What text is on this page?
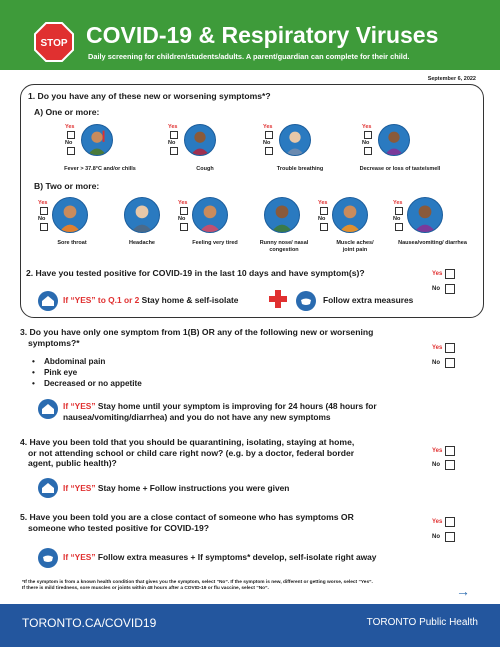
STOP COVID-19 & Respiratory Viruses
Daily screening for children/students/adults. A parent/guardian can complete for their child.
September 6, 2022
1. Do you have any of these new or worsening symptoms*?
A) One or more:
Yes
No
Fever > 37.8°C and/or chills
Yes
No
Cough
Yes
No
Trouble breathing
Yes
No
Decrease or loss of taste/smell
B) Two or more:
Yes
No
Sore throat	Headache
Yes
No
Feeling very tired	Runny nose/ nasal congestion
Yes
No
Muscle aches/ joint pain
Yes
No
Nausea/vomiting/ diarrhea
2. Have you tested positive for COVID-19 in the last 10 days and have symptom(s)?	Yes
No
If “YES” to Q.1 or 2 Stay home & self-isolate	Follow extra measures
3. Do you have only one symptom from 1(B) OR any of the following new or worsening
symptoms?*
Yes
No
•    Abdominal pain
•    Pink eye
•    Decreased or no appetite
If “YES” Stay home until your symptom is improving for 24 hours (48 hours for
nausea/vomiting/diarrhea) and you do not have any new symptoms
4. Have you been told that you should be quarantining, isolating, staying at home,
or not attending school or child care right now? (e.g. by a doctor, federal border
agent, public health)?
Yes
No
If “YES” Stay home + Follow instructions you were given
5. Have you been told you are a close contact of someone who has symptoms OR
someone who tested positive for COVID-19?
Yes
No
If “YES” Follow extra measures + If symptoms* develop, self-isolate right away
*If the symptom is from a known health condition that gives you the symptom, select “No”. If the symptom is new, different or getting worse, select “Yes”.
If there is mild tiredness, sore muscles or joints within 48 hours after a COVID-19 or flu vaccine, select “No”.	→
TORONTO.CA/COVID19	TORONTO Public Health
